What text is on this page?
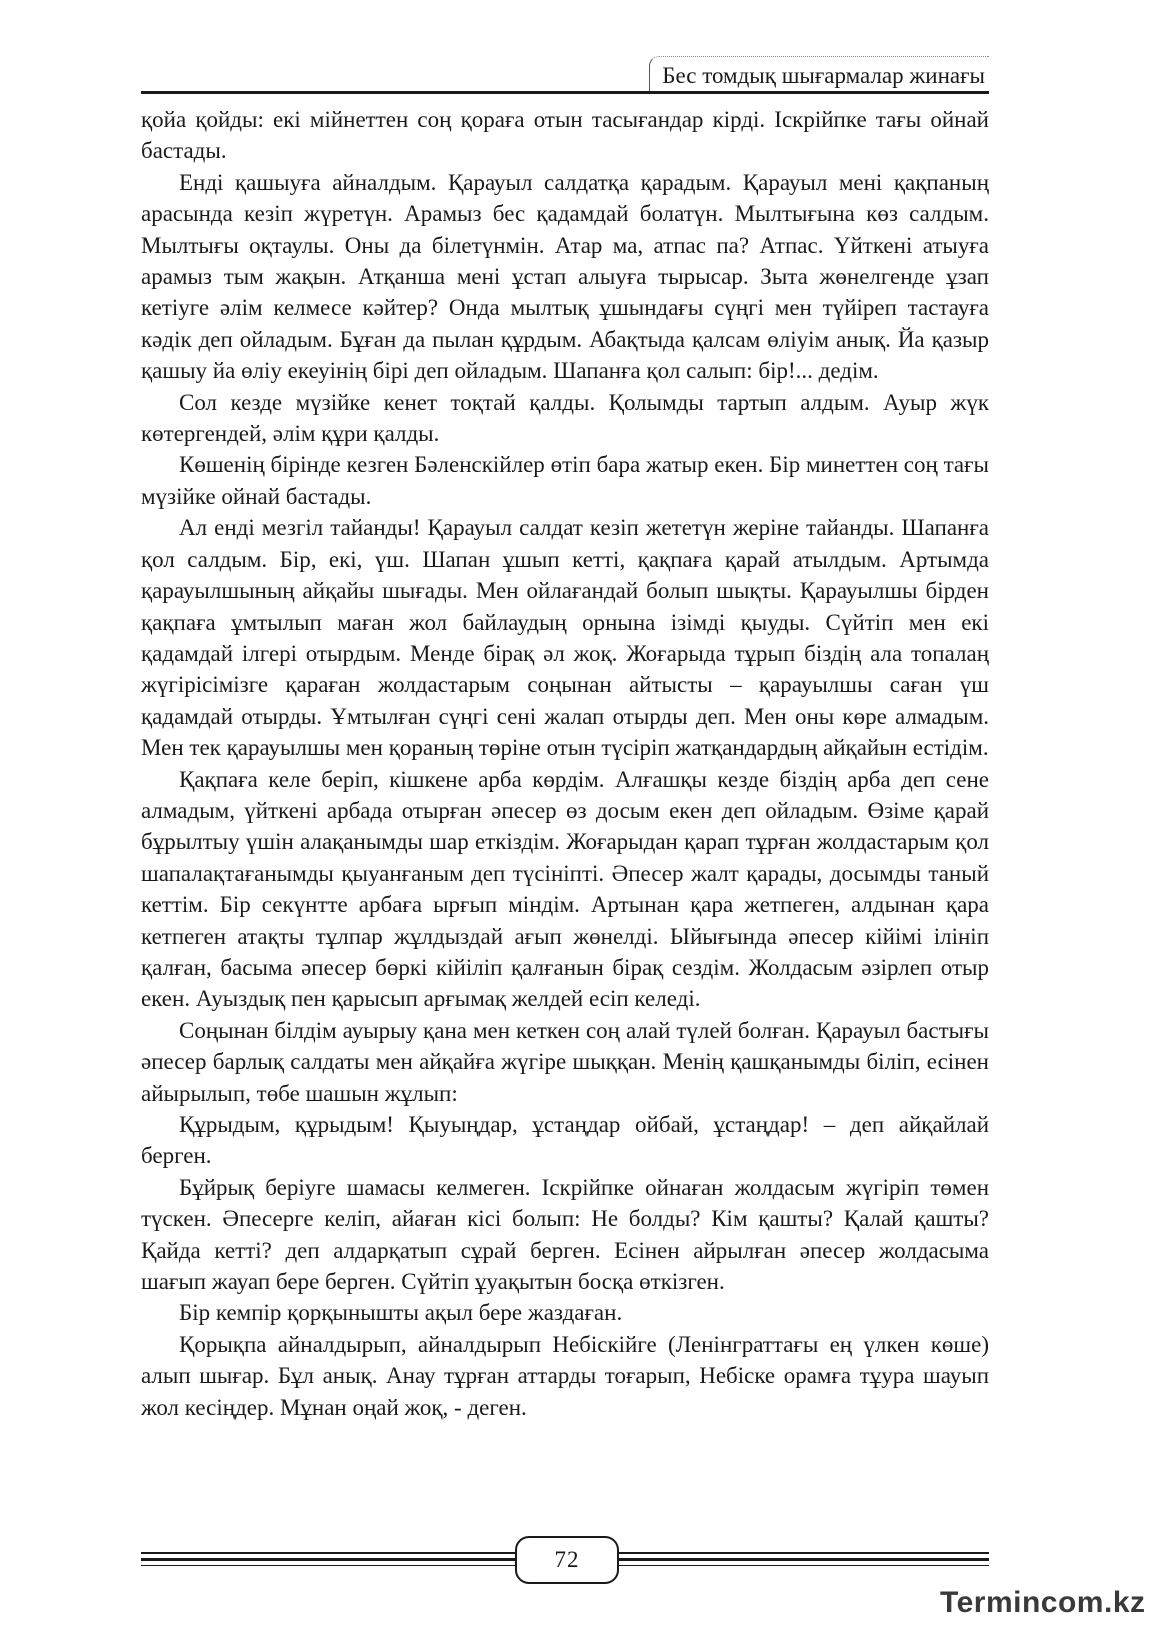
Бес томдық шығармалар жинағы

қойа қойды: екі мійнеттен соң қораға отын тасығандар кірді. Іскрійпке тағы ойнай бастады.

Енді қашыуға айналдым. Қарауыл салдатқа қарадым. Қарауыл мені қақпаның арасында кезіп жүретүн. Арамыз бес қадамдай болатүн. Мылтығына көз салдым. Мылтығы оқтаулы. Оны да білетүнмін. Атар ма, атпас па? Атпас. Үйткені атыуға арамыз тым жақын. Атқанша мені ұстап алыуға тырысар. Зыта жөнелгенде ұзап кетіуге әлім келмесе кәйтер? Онда мылтық ұшындағы сүңгі мен түйіреп тастауға кәдік деп ойладым. Бұған да пылан құрдым. Абақтыда қалсам өліуім анық. Йа қазыр қашыу йа өліу екеуінің бірі деп ойладым. Шапанға қол салып: бір!... дедім.

Сол кезде мүзійке кенет тоқтай қалды. Қолымды тартып алдым. Ауыр жүк көтергендей, әлім құри қалды.

Көшенің бірінде кезген Бәленскійлер өтіп бара жатыр екен. Бір минеттен соң тағы мүзійке ойнай бастады.

Ал енді мезгіл тайанды! Қарауыл салдат кезіп жететүн жеріне тайанды. Шапанға қол салдым. Бір, екі, үш. Шапан ұшып кетті, қақпаға қарай атылдым. Артымда қарауылшының айқайы шығады. Мен ойлағандай болып шықты. Қарауылшы бірден қақпаға ұмтылып маған жол байлаудың орнына ізімді қыуды. Сүйтіп мен екі қадамдай ілгері отырдым. Менде бірақ әл жоқ. Жоғарыда тұрып біздің ала топалаң жүгірісімізге қараған жолдастарым соңынан айтысты – қарауылшы саған үш қадамдай отырды. Ұмтылған сүңгі сені жалап отырды деп. Мен оны көре алмадым. Мен тек қарауылшы мен қораның төріне отын түсіріп жатқандардың айқайын естідім.

Қақпаға келе беріп, кішкене арба көрдім. Алғашқы кезде біздің арба деп сене алмадым, үйткені арбада отырған әпесер өз досым екен деп ойладым. Өзіме қарай бұрылтыу үшін алақанымды шар еткіздім. Жоғарыдан қарап тұрған жолдастарым қол шапалақтағанымды қыуанғаным деп түсініпті. Әпесер жалт қарады, досымды таный кеттім. Бір секүнтте арбаға ырғып міндім. Артынан қара жетпеген, алдынан қара кетпеген атақты тұлпар жұлдыздай ағып жөнелді. Ыйығында әпесер кійімі ілініп қалған, басыма әпесер бөркі кійіліп қалғанын бірақ сездім. Жолдасым әзірлеп отыр екен. Ауыздық пен қарысып арғымақ желдей есіп келеді.

Соңынан білдім ауырыу қана мен кеткен соң алай түлей болған. Қарауыл бастығы әпесер барлық салдаты мен айқайға жүгіре шыққан. Менің қашқанымды біліп, есінен айырылып, төбе шашын жұлып:

Құрыдым, құрыдым! Қыуыңдар, ұстаңдар ойбай, ұстаңдар! – деп айқайлай берген.

Бұйрық беріуге шамасы келмеген. Іскрійпке ойнаған жолдасым жүгіріп төмен түскен. Әпесерге келіп, айаған кісі болып: Не болды? Кім қашты? Қалай қашты? Қайда кетті? деп алдарқатып сұрай берген. Есінен айрылған әпесер жолдасыма шағып жауап бере берген. Сүйтіп ұуақытын босқа өткізген.

Бір кемпір қорқынышты ақыл бере жаздаған.

Қорықпа айналдырып, айналдырып Небіскійге (Ленінграттағы ең үлкен көше) алып шығар. Бұл анық. Анау тұрған аттарды тоғарып, Небіске орамға тұура шауып жол кесіңдер. Мұнан оңай жоқ, - деген.

72
Termincom.kz
